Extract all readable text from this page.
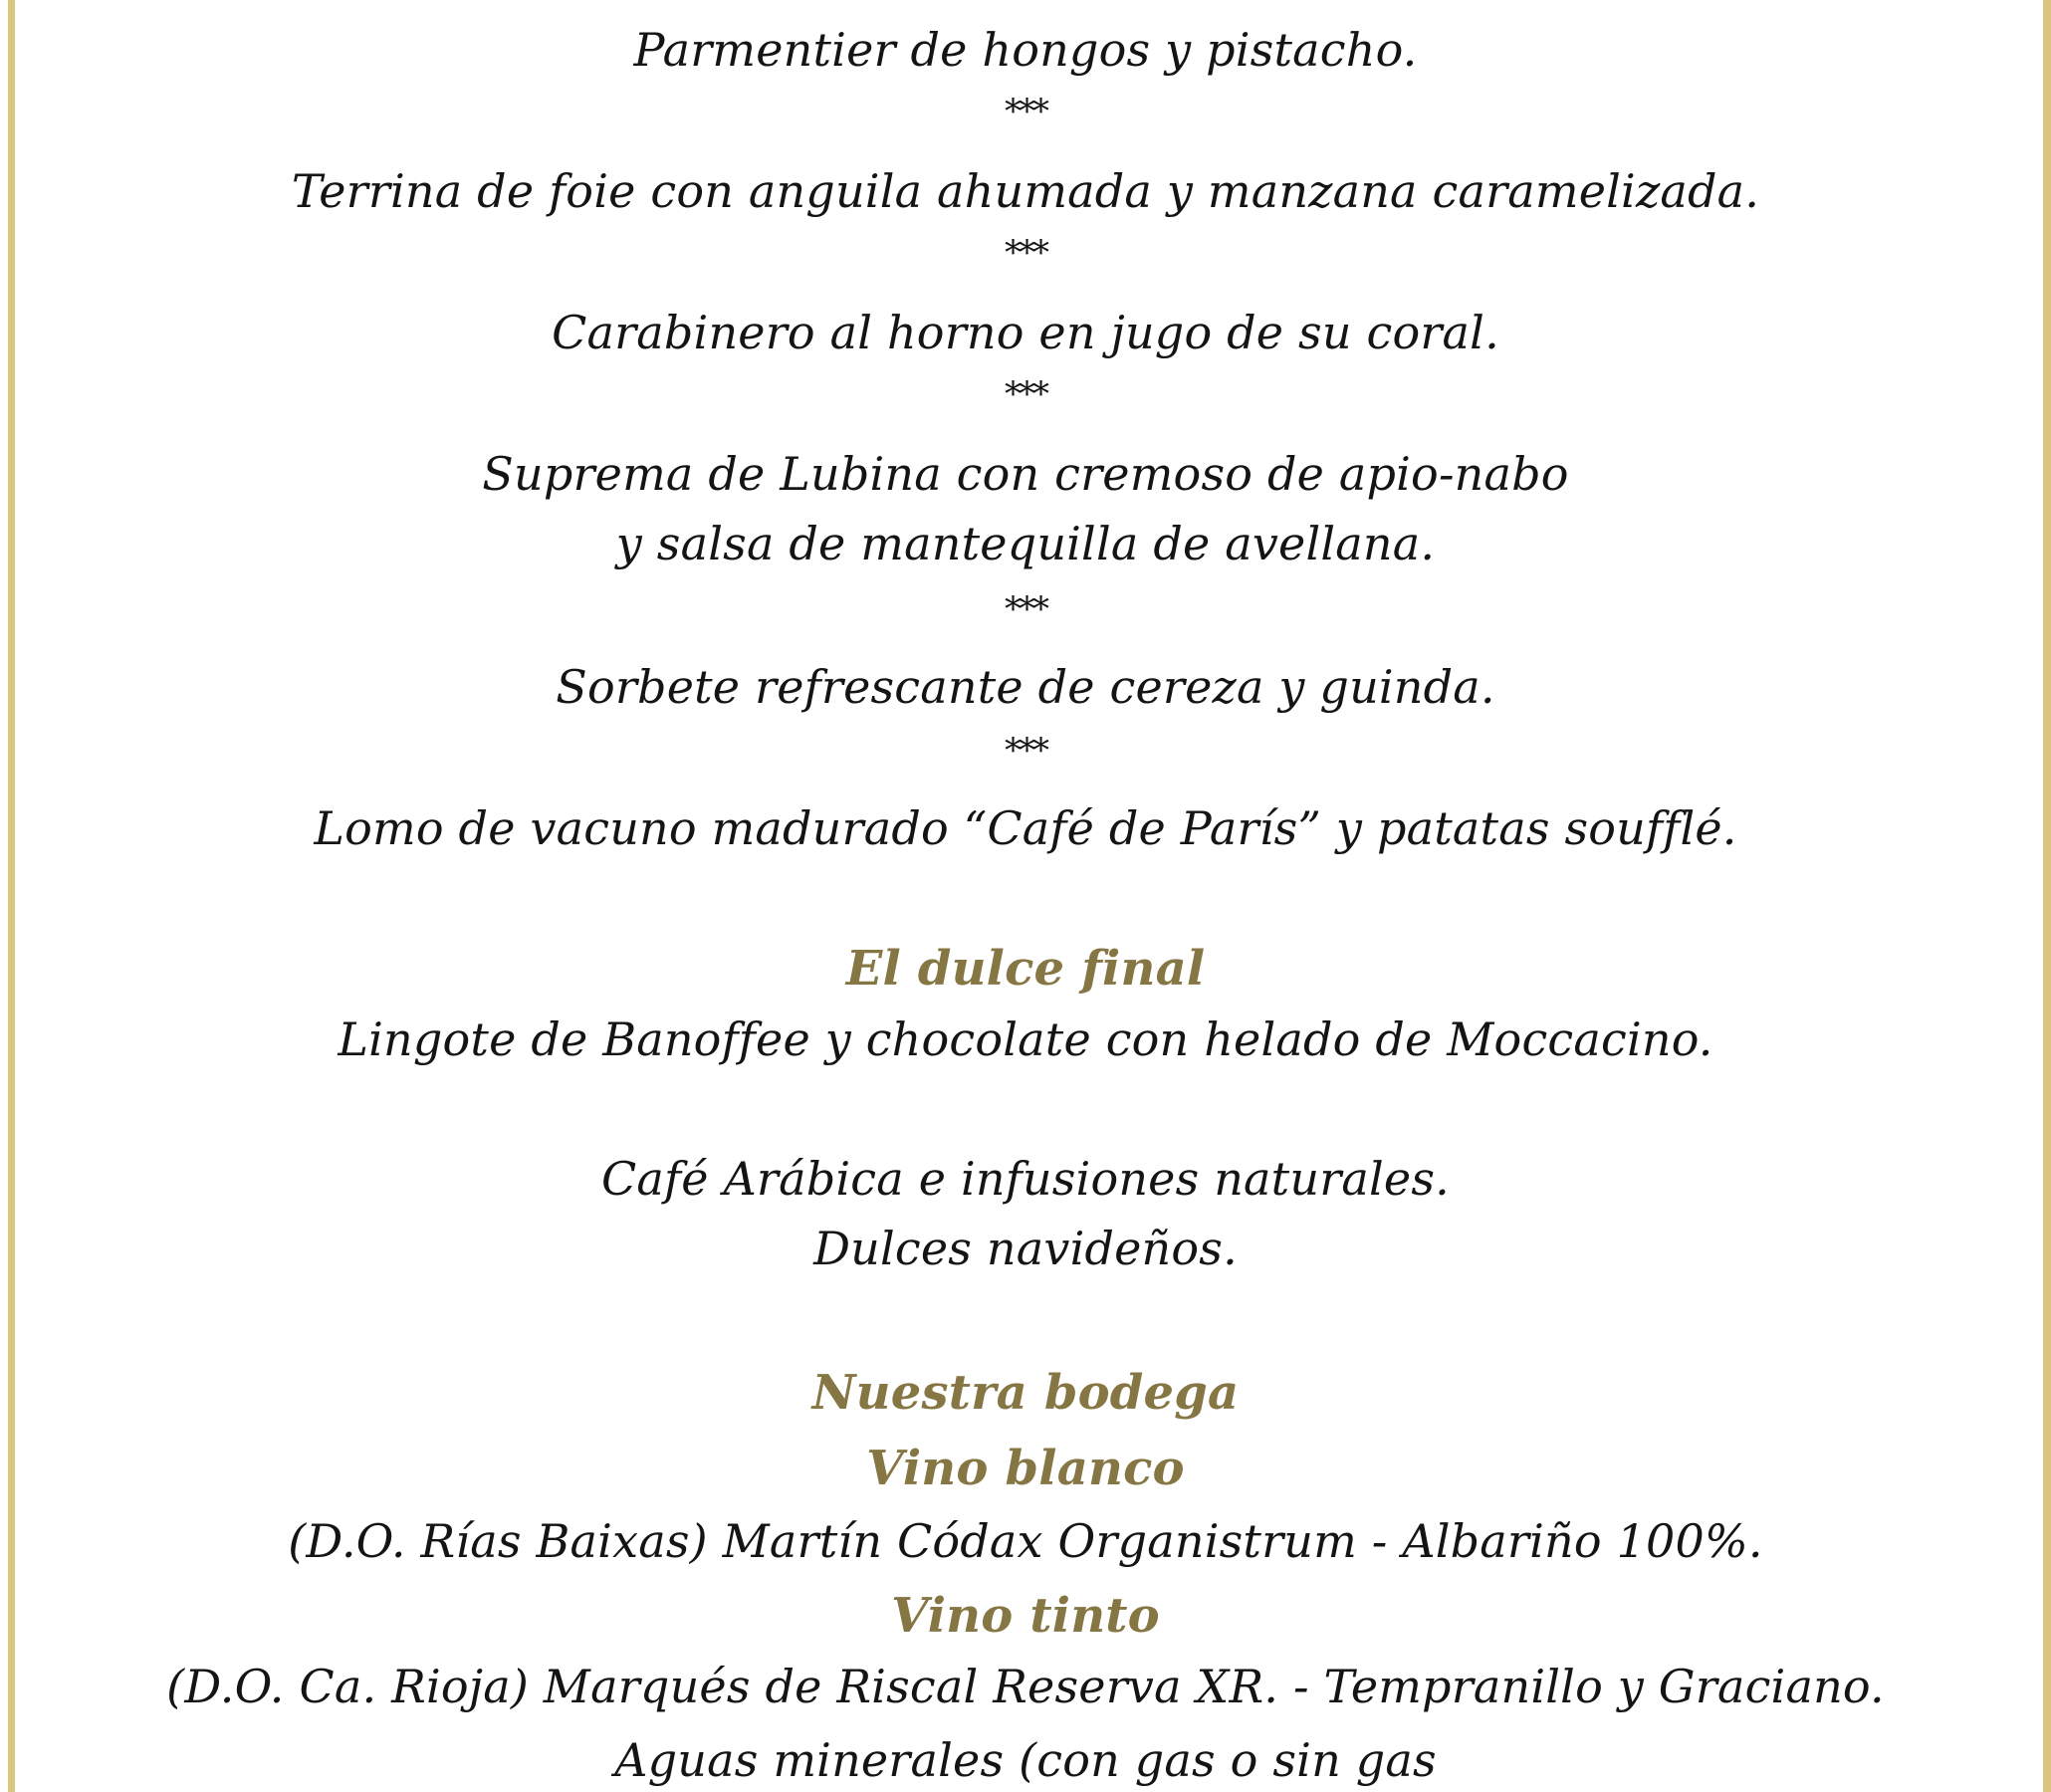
Parmentier de hongos y pistacho.
***
Terrina de foie con anguila ahumada y manzana caramelizada.
***
Carabinero al horno en jugo de su coral.
***
Suprema de Lubina con cremoso de apio-nabo
y salsa de mantequilla de avellana.
***
Sorbete refrescante de cereza y guinda.
***
Lomo de vacuno madurado “Café de París” y patatas soufflé.
El dulce final
Lingote de Banoffee y chocolate con helado de Moccacino.
Café Arábica e infusiones naturales.
Dulces navideños.
Nuestra bodega
Vino blanco
(D.O. Rías Baixas) Martín Códax Organistrum - Albariño 100%.
Vino tinto
(D.O. Ca. Rioja) Marqués de Riscal Reserva XR. - Tempranillo y Graciano.
Aguas minerales (con gas o sin gas
